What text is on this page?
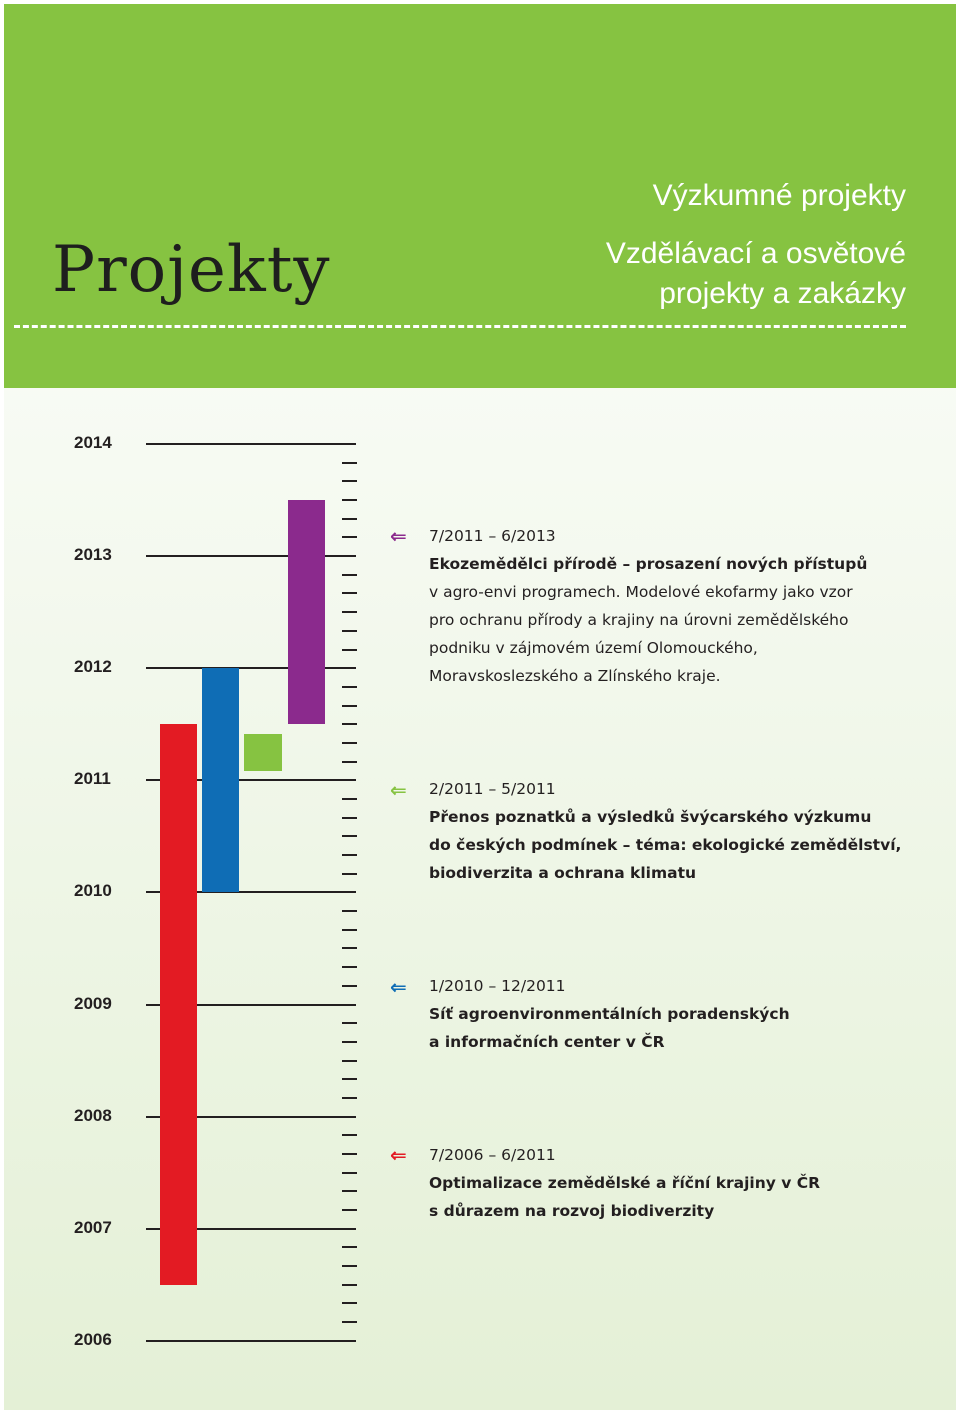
Projekty
Výzkumné projekty
Vzdělávací a osvětové
projekty a zakázky
2014
2013
2012
2011
2010
2009
2008
2007
2006
7/2011 – 6/2013
Ekozemědělci přírodě – prosazení nových přístupů
v agro-envi programech. Modelové ekofarmy jako vzor
pro ochranu přírody a krajiny na úrovni zemědělského
podniku v zájmovém území Olomouckého,
Moravskoslezského a Zlínského kraje.
2/2011 – 5/2011
Přenos poznatků a výsledků švýcarského výzkumu
do českých podmínek – téma: ekologické zemědělství,
biodiverzita a ochrana klimatu
1/2010 – 12/2011
Síť agroenvironmentálních poradenských
a informačních center v ČR
7/2006 – 6/2011
Optimalizace zemědělské a říční krajiny v ČR
s důrazem na rozvoj biodiverzity
⇐
⇐
⇐
⇐
